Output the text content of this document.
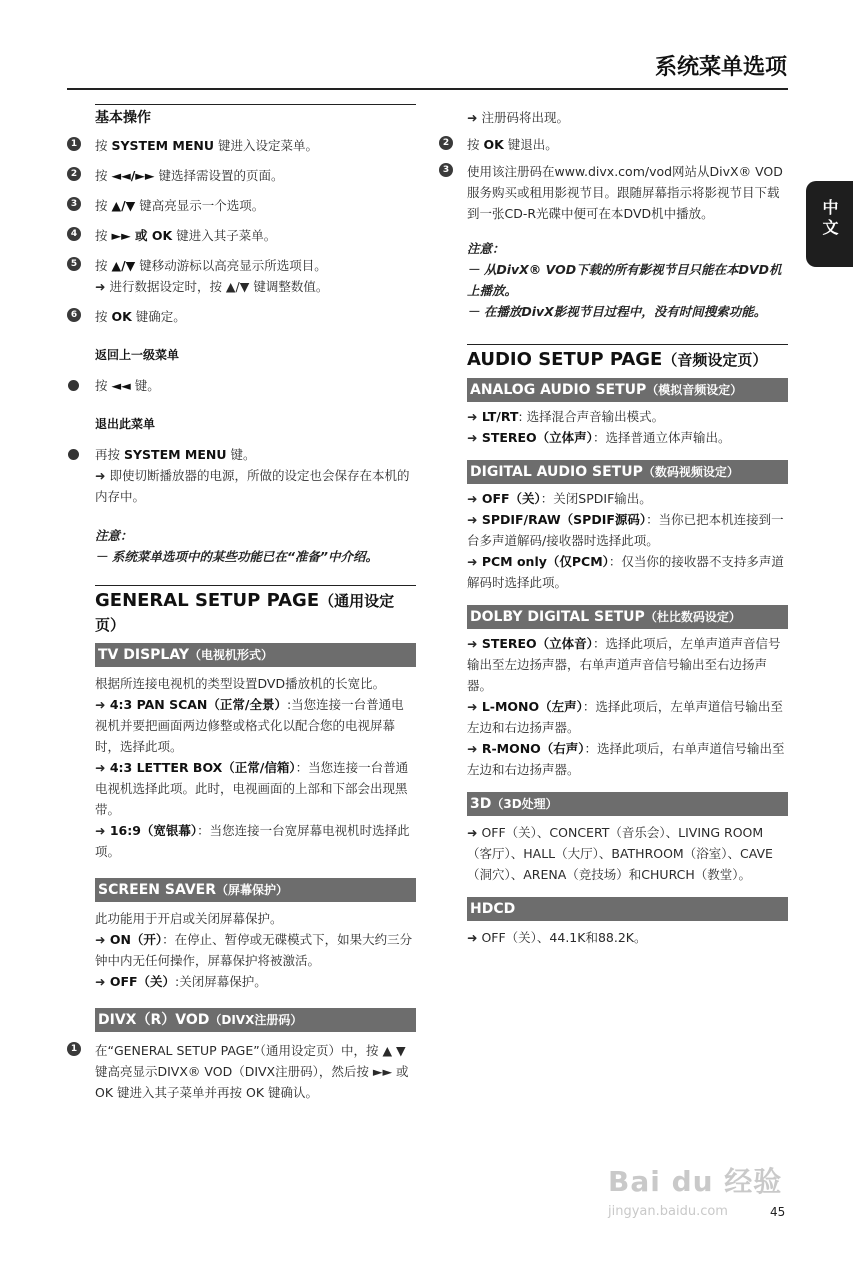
系统菜单选项
中文
基本操作
1	按 SYSTEM MENU 键进入设定菜单。
2	按 ◄◄/►► 键选择需设置的页面。
3	按 ▲/▼ 键高亮显示一个选项。
4	按 ►► 或 OK 键进入其子菜单。
5	按 ▲/▼ 键移动游标以高亮显示所选项目。
➜ 进行数据设定时，按 ▲/▼ 键调整数值。
6	按 OK 键确定。
返回上一级菜单
按 ◄◄ 键。
退出此菜单
再按 SYSTEM MENU 键。
➜ 即使切断播放器的电源，所做的设定也会保存在本机的内存中。
注意：
－ 系统菜单选项中的某些功能已在“准备”中介绍。
GENERAL SETUP PAGE（通用设定页）
TV DISPLAY（电视机形式）
根据所连接电视机的类型设置DVD播放机的长宽比。
➜ 4:3 PAN SCAN（正常/全景）:当您连接一台普通电视机并要把画面两边修整或格式化以配合您的电视屏幕时，选择此项。
➜ 4:3 LETTER BOX（正常/信箱）：当您连接一台普通电视机选择此项。此时，电视画面的上部和下部会出现黑带。
➜ 16:9（宽银幕）：当您连接一台宽屏幕电视机时选择此项。
SCREEN SAVER（屏幕保护）
此功能用于开启或关闭屏幕保护。
➜ ON（开）：在停止、暂停或无碟模式下，如果大约三分钟中内无任何操作，屏幕保护将被激活。
➜ OFF（关）:关闭屏幕保护。
DIVX（R）VOD（DIVX注册码）
1	在“GENERAL SETUP PAGE”（通用设定页）中，按 ▲ ▼ 键高亮显示DIVX® VOD（DIVX注册码），然后按 ►► 或 OK 键进入其子菜单并再按 OK 键确认。
➜ 注册码将出现。
2	按 OK 键退出。
3	使用该注册码在www.divx.com/vod网站从DivX® VOD服务购买或租用影视节目。跟随屏幕指示将影视节目下载到一张CD-R光碟中便可在本DVD机中播放。
注意：
－ 从DivX® VOD下载的所有影视节目只能在本DVD机上播放。
－ 在播放DivX影视节目过程中，没有时间搜索功能。
AUDIO SETUP PAGE（音频设定页）
ANALOG AUDIO SETUP（模拟音频设定）
➜ LT/RT: 选择混合声音输出模式。
➜ STEREO（立体声）：选择普通立体声输出。
DIGITAL AUDIO SETUP（数码视频设定）
➜ OFF（关）：关闭SPDIF输出。
➜ SPDIF/RAW（SPDIF源码）：当你已把本机连接到一台多声道解码/接收器时选择此项。
➜ PCM only（仅PCM）：仅当你的接收器不支持多声道解码时选择此项。
DOLBY DIGITAL SETUP（杜比数码设定）
➜ STEREO（立体音）：选择此项后，左单声道声音信号输出至左边扬声器，右单声道声音信号输出至右边扬声器。
➜ L-MONO（左声）：选择此项后，左单声道信号输出至左边和右边扬声器。
➜ R-MONO（右声）：选择此项后，右单声道信号输出至左边和右边扬声器。
3D（3D处理）
➜ OFF（关）、CONCERT（音乐会）、LIVING ROOM（客厅）、HALL（大厅）、BATHROOM（浴室）、CAVE（洞穴）、ARENA（竞技场）和CHURCH（教堂）。
HDCD
➜ OFF（关）、44.1K和88.2K。
Bai du 经验
jingyan.baidu.com	45
